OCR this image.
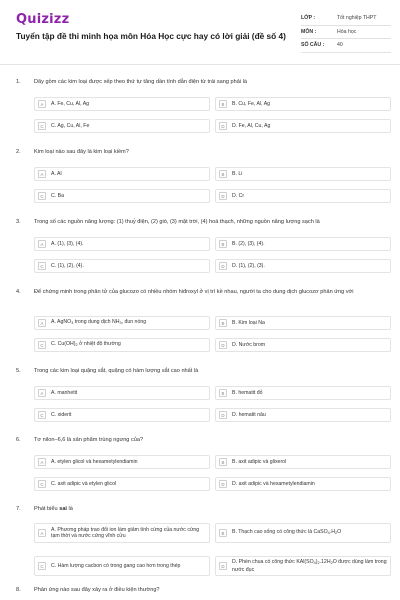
Quizizz
Tuyển tập đề thi minh họa môn Hóa Học cực hay có lời giải (đề số 4)
LỚP :	Tốt nghiệp THPT
MÔN :	Hóa học
SỐ CÂU :	40
1. Dãy gồm các kim loại được xếp theo thứ tự tăng dần tính dẫn điện từ trái sang phải là
A	A. Fe, Cu, Al, Ag	B	B. Cu, Fe, Al, Ag
C	C. Ag, Cu, Al, Fe	D	D. Fe, Al, Cu, Ag
2. Kim loại nào sau đây là kim loại kiềm?
A	A. Al	B	B. Li
C	C. Ba	D	D. Cr
3. Trong số các nguồn năng lượng: (1) thuỷ điện, (2) gió, (3) mặt trời, (4) hoá thạch, những nguồn năng lượng sạch là
A	A. (1), (3), (4).	B	B. (2), (3), (4).
C	C. (1), (2), (4).	D	D. (1), (2), (3).
4. Để chứng minh trong phân tử của glucozo có nhiều nhóm hiđroxyl ở vị trí kề nhau, người ta cho dung dịch glucozơ phản ứng với
A	A. AgNO$_3$ trong dung dịch $NH_3$, đun nóng	B	B. Kim loại Na
C	C. $Cu(OH)_2$ ở nhiệt độ thường	D	D. Nước brom
5. Trong các kim loại quặng sắt, quặng có hàm lượng sắt cao nhất là
A	A. manhetit	B	B. hematit đỏ
C	C. xiderit	D	D. hematit nâu
6. Tơ nilon–6,6 là sản phẩm trùng ngưng của?
A	A. etylen glicol và hexametylendiamin	B	B. axit adipic và glixerol
C	C. axit adipic và etylen glicol	D	D. axit adipic và hexametylendiamin
7. Phát biểu sai là
A
A. Phương pháp trao đổi ion làm giảm tính cứng của nước cứng tạm thời và nước cứng vĩnh cửu	B	B. Thạch cao sống có công thức là $CaSO_4.H_2O$
C	C. Hàm lượng cacbon có trong gang cao hơn trong thép	D
D. Phèn chua có công thức $KAl(SO_4)_2.12H_2O$ được dùng làm trong nước đục
8. Phản ứng nào sau đây xảy ra ở điều kiện thường?
